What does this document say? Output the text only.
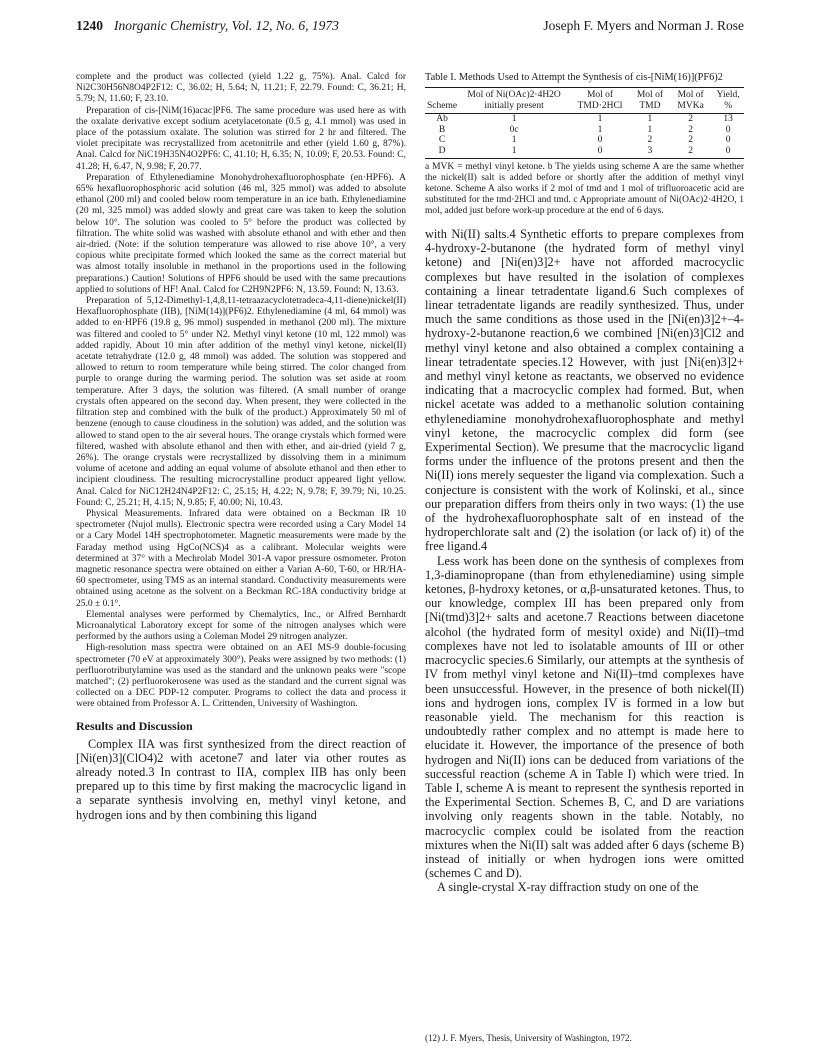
1240 Inorganic Chemistry, Vol. 12, No. 6, 1973	Joseph F. Myers and Norman J. Rose

complete and the product was collected (yield 1.22 g, 75%). Anal. Calcd for Ni2C30H56N8O4P2F12: C, 36.02; H, 5.64; N, 11.21; F, 22.79. Found: C, 36.21; H, 5.79; N, 11.60; F, 23.10.

Preparation of cis-[NiM(16)acac]PF6. The same procedure was used here as with the oxalate derivative except sodium acetylacetonate (0.5 g, 4.1 mmol) was used in place of the potassium oxalate. The solution was stirred for 2 hr and filtered. The violet precipitate was recrystallized from acetonitrile and ether (yield 1.60 g, 87%). Anal. Calcd for NiC19H35N4O2PF6: C, 41.10; H, 6.35; N, 10.09; F, 20.53. Found: C, 41.28; H, 6.47, N, 9.98; F, 20.77.

Preparation of Ethylenediamine Monohydrohexafluorophosphate (en·HPF6). A 65% hexafluorophosphoric acid solution (46 ml, 325 mmol) was added to absolute ethanol (200 ml) and cooled below room temperature in an ice bath. Ethylenediamine (20 ml, 325 mmol) was added slowly and great care was taken to keep the solution below 10°. The solution was cooled to 5° before the product was collected by filtration. The white solid was washed with absolute ethanol and with ether and then air-dried. (Note: if the solution temperature was allowed to rise above 10°, a very copious white precipitate formed which looked the same as the correct material but was almost totally insoluble in methanol in the proportions used in the following preparations.) Caution! Solutions of HPF6 should be used with the same precautions applied to solutions of HF! Anal. Calcd for C2H9N2PF6: N, 13.59. Found: N, 13.63.

Preparation of 5,12-Dimethyl-1,4,8,11-tetraazacyclotetradeca-4,11-diene)nickel(II) Hexafluorophosphate (IIB), [NiM(14)](PF6)2. Ethylenediamine (4 ml, 64 mmol) was added to en·HPF6 (19.8 g, 96 mmol) suspended in methanol (200 ml). The mixture was filtered and cooled to 5° under N2. Methyl vinyl ketone (10 ml, 122 mmol) was added rapidly. About 10 min after addition of the methyl vinyl ketone, nickel(II) acetate tetrahydrate (12.0 g, 48 mmol) was added. The solution was stoppered and allowed to return to room temperature while being stirred. The color changed from purple to orange during the warming period. The solution was set aside at room temperature. After 3 days, the solution was filtered. (A small number of orange crystals often appeared on the second day. When present, they were collected in the filtration step and combined with the bulk of the product.) Approximately 50 ml of benzene (enough to cause cloudiness in the solution) was added, and the solution was allowed to stand open to the air several hours. The orange crystals which formed were filtered, washed with absolute ethanol and then with ether, and air-dried (yield 7 g, 26%). The orange crystals were recrystallized by dissolving them in a minimum volume of acetone and adding an equal volume of absolute ethanol and then ether to incipient cloudiness. The resulting microcrystalline product appeared light yellow. Anal. Calcd for NiC12H24N4P2F12: C, 25.15; H, 4.22; N, 9.78; F, 39.79; Ni, 10.25. Found: C, 25.21; H, 4.15; N, 9.85; F, 40.00; Ni, 10.43.

Physical Measurements. Infrared data were obtained on a Beckman IR 10 spectrometer (Nujol mulls). Electronic spectra were recorded using a Cary Model 14 or a Cary Model 14H spectrophotometer. Magnetic measurements were made by the Faraday method using HgCo(NCS)4 as a calibrant. Molecular weights were determined at 37° with a Mechrolab Model 301-A vapor pressure osmometer. Proton magnetic resonance spectra were obtained on either a Varian A-60, T-60, or HR/HA-60 spectrometer, using TMS as an internal standard. Conductivity measurements were obtained using acetone as the solvent on a Beckman RC-18A conductivity bridge at 25.0 ± 0.1°.

Elemental analyses were performed by Chemalytics, Inc., or Alfred Bernhardt Microanalytical Laboratory except for some of the nitrogen analyses which were performed by the authors using a Coleman Model 29 nitrogen analyzer.

High-resolution mass spectra were obtained on an AEI MS-9 double-focusing spectrometer (70 eV at approximately 300°). Peaks were assigned by two methods: (1) perfluorotributylamine was used as the standard and the unknown peaks were "scope matched"; (2) perfluorokerosene was used as the standard and the current signal was collected on a DEC PDP-12 computer. Programs to collect the data and process it were obtained from Professor A. L. Crittenden, University of Washington.

Results and Discussion

Complex IIA was first synthesized from the direct reaction of [Ni(en)3](ClO4)2 with acetone7 and later via other routes as already noted.3 In contrast to IIA, complex IIB has only been prepared up to this time by first making the macrocyclic ligand in a separate synthesis involving en, methyl vinyl ketone, and hydrogen ions and by then combining this ligand

Table I. Methods Used to Attempt the Synthesis of cis-[NiM(16)](PF6)2
Scheme	Mol of Ni(OAc)2·4H2O initially present	Mol of TMD·2HCl	Mol of TMD	Mol of MVKa	Yield, %
Ab	1	1	1	2	13
B	0c	1	1	2	0
C	1	0	2	2	0
D	1	0	3	2	0
a MVK = methyl vinyl ketone. b The yields using scheme A are the same whether the nickel(II) salt is added before or shortly after the addition of methyl vinyl ketone. Scheme A also works if 2 mol of tmd and 1 mol of trifluoroacetic acid are substituted for the tmd·2HCl and tmd. c Appropriate amount of Ni(OAc)2·4H2O, 1 mol, added just before work-up procedure at the end of 6 days.

with Ni(II) salts.4 Synthetic efforts to prepare complexes from 4-hydroxy-2-butanone (the hydrated form of methyl vinyl ketone) and [Ni(en)3]2+ have not afforded macrocyclic complexes but have resulted in the isolation of complexes containing a linear tetradentate ligand.6 Such complexes of linear tetradentate ligands are readily synthesized. Thus, under much the same conditions as those used in the [Ni(en)3]2+–4-hydroxy-2-butanone reaction,6 we combined [Ni(en)3]Cl2 and methyl vinyl ketone and also obtained a complex containing a linear tetradentate species.12 However, with just [Ni(en)3]2+ and methyl vinyl ketone as reactants, we observed no evidence indicating that a macrocyclic complex had formed. But, when nickel acetate was added to a methanolic solution containing ethylenediamine monohydrohexafluorophosphate and methyl vinyl ketone, the macrocyclic complex did form (see Experimental Section). We presume that the macrocyclic ligand forms under the influence of the protons present and then the Ni(II) ions merely sequester the ligand via complexation. Such a conjecture is consistent with the work of Kolinski, et al., since our preparation differs from theirs only in two ways: (1) the use of the hydrohexafluorophosphate salt of en instead of the hydroperchlorate salt and (2) the isolation (or lack of) it) of the free ligand.4

Less work has been done on the synthesis of complexes from 1,3-diaminopropane (than from ethylenediamine) using simple ketones, β-hydroxy ketones, or α,β-unsaturated ketones. Thus, to our knowledge, complex III has been prepared only from [Ni(tmd)3]2+ salts and acetone.7 Reactions between diacetone alcohol (the hydrated form of mesityl oxide) and Ni(II)–tmd complexes have not led to isolatable amounts of III or other macrocyclic species.6 Similarly, our attempts at the synthesis of IV from methyl vinyl ketone and Ni(II)–tmd complexes have been unsuccessful. However, in the presence of both nickel(II) ions and hydrogen ions, complex IV is formed in a low but reasonable yield. The mechanism for this reaction is undoubtedly rather complex and no attempt is made here to elucidate it. However, the importance of the presence of both hydrogen and Ni(II) ions can be deduced from variations of the successful reaction (scheme A in Table I) which were tried. In Table I, scheme A is meant to represent the synthesis reported in the Experimental Section. Schemes B, C, and D are variations involving only reagents shown in the table. Notably, no macrocyclic complex could be isolated from the reaction mixtures when the Ni(II) salt was added after 6 days (scheme B) instead of initially or when hydrogen ions were omitted (schemes C and D).

A single-crystal X-ray diffraction study on one of the

(12) J. F. Myers, Thesis, University of Washington, 1972.
